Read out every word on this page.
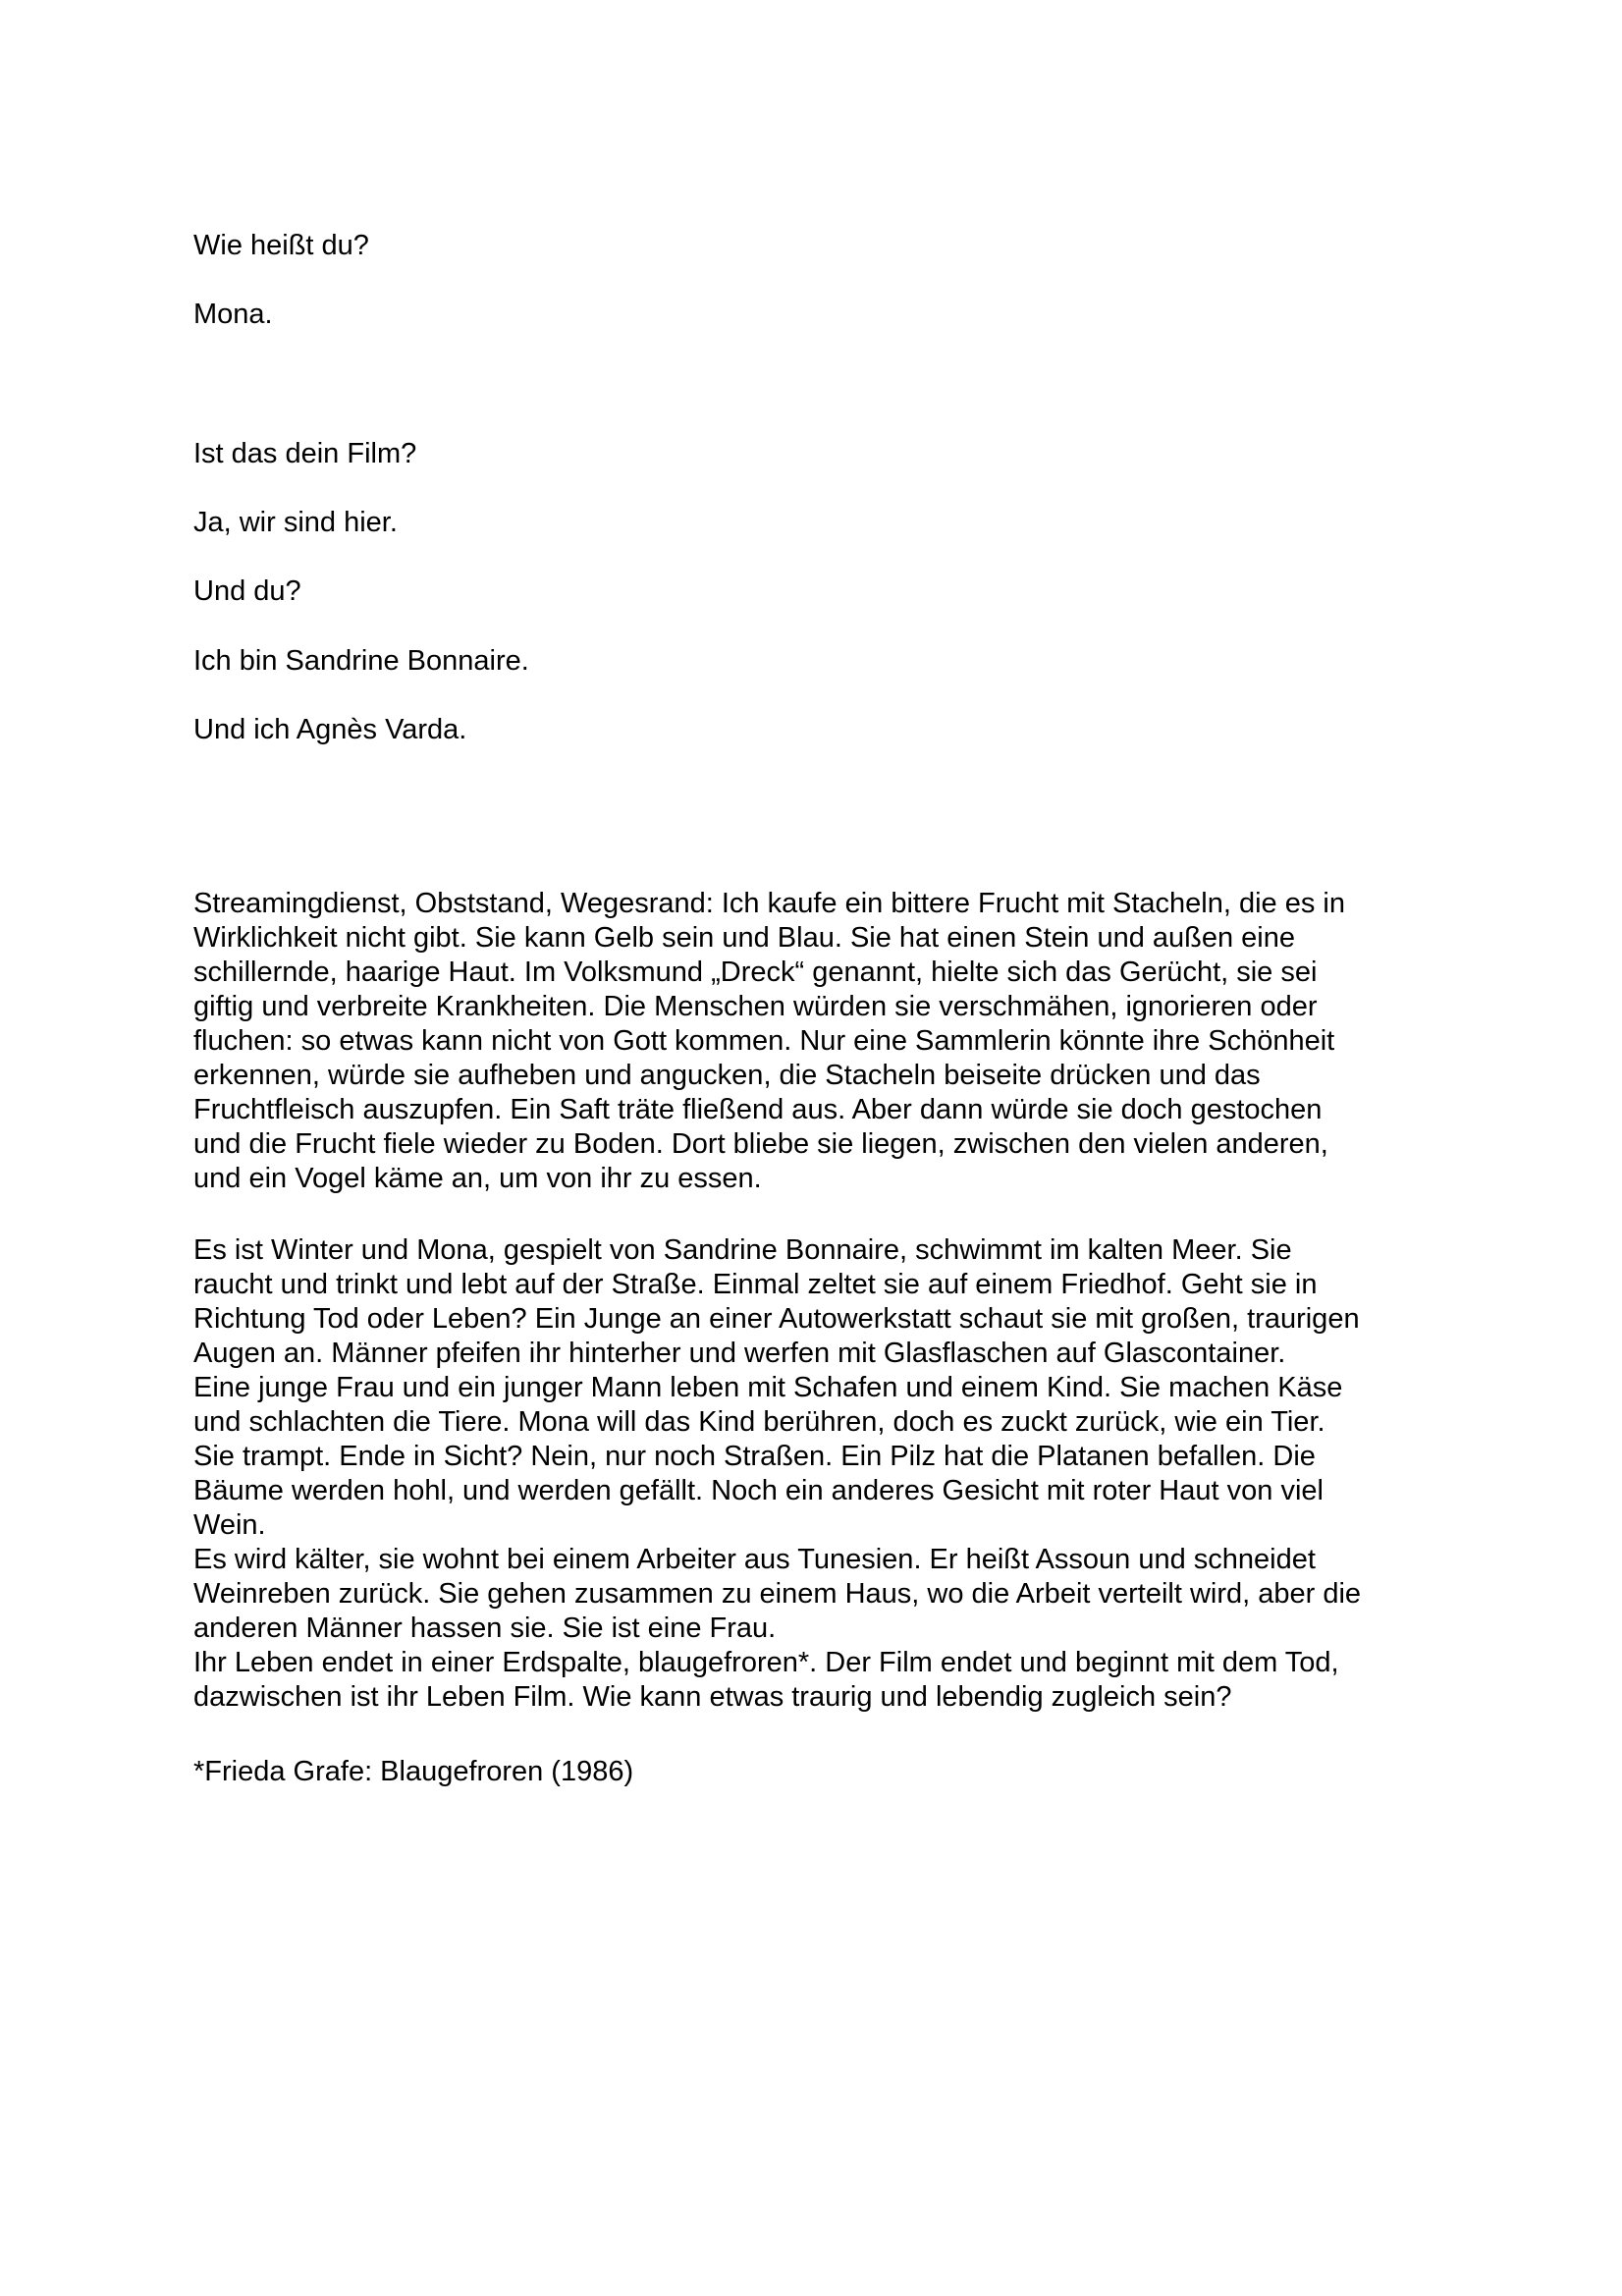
Wie heißt du?

Mona.

Ist das dein Film?

Ja, wir sind hier.

Und du?

Ich bin Sandrine Bonnaire.

Und ich Agnès Varda.

Streamingdienst, Obststand, Wegesrand: Ich kaufe ein bittere Frucht mit Stacheln, die es in
Wirklichkeit nicht gibt. Sie kann Gelb sein und Blau. Sie hat einen Stein und außen eine
schillernde, haarige Haut. Im Volksmund „Dreck“ genannt, hielte sich das Gerücht, sie sei
giftig und verbreite Krankheiten. Die Menschen würden sie verschmähen, ignorieren oder
fluchen: so etwas kann nicht von Gott kommen. Nur eine Sammlerin könnte ihre Schönheit
erkennen, würde sie aufheben und angucken, die Stacheln beiseite drücken und das
Fruchtfleisch auszupfen. Ein Saft träte fließend aus. Aber dann würde sie doch gestochen
und die Frucht fiele wieder zu Boden. Dort bliebe sie liegen, zwischen den vielen anderen,
und ein Vogel käme an, um von ihr zu essen.
Es ist Winter und Mona, gespielt von Sandrine Bonnaire, schwimmt im kalten Meer. Sie
raucht und trinkt und lebt auf der Straße. Einmal zeltet sie auf einem Friedhof. Geht sie in
Richtung Tod oder Leben? Ein Junge an einer Autowerkstatt schaut sie mit großen, traurigen
Augen an. Männer pfeifen ihr hinterher und werfen mit Glasflaschen auf Glascontainer.
Eine junge Frau und ein junger Mann leben mit Schafen und einem Kind. Sie machen Käse
und schlachten die Tiere. Mona will das Kind berühren, doch es zuckt zurück, wie ein Tier.
Sie trampt. Ende in Sicht? Nein, nur noch Straßen. Ein Pilz hat die Platanen befallen. Die
Bäume werden hohl, und werden gefällt. Noch ein anderes Gesicht mit roter Haut von viel
Wein.
Es wird kälter, sie wohnt bei einem Arbeiter aus Tunesien. Er heißt Assoun und schneidet
Weinreben zurück. Sie gehen zusammen zu einem Haus, wo die Arbeit verteilt wird, aber die
anderen Männer hassen sie. Sie ist eine Frau.
Ihr Leben endet in einer Erdspalte, blaugefroren*. Der Film endet und beginnt mit dem Tod,
dazwischen ist ihr Leben Film. Wie kann etwas traurig und lebendig zugleich sein?

*Frieda Grafe: Blaugefroren (1986)
